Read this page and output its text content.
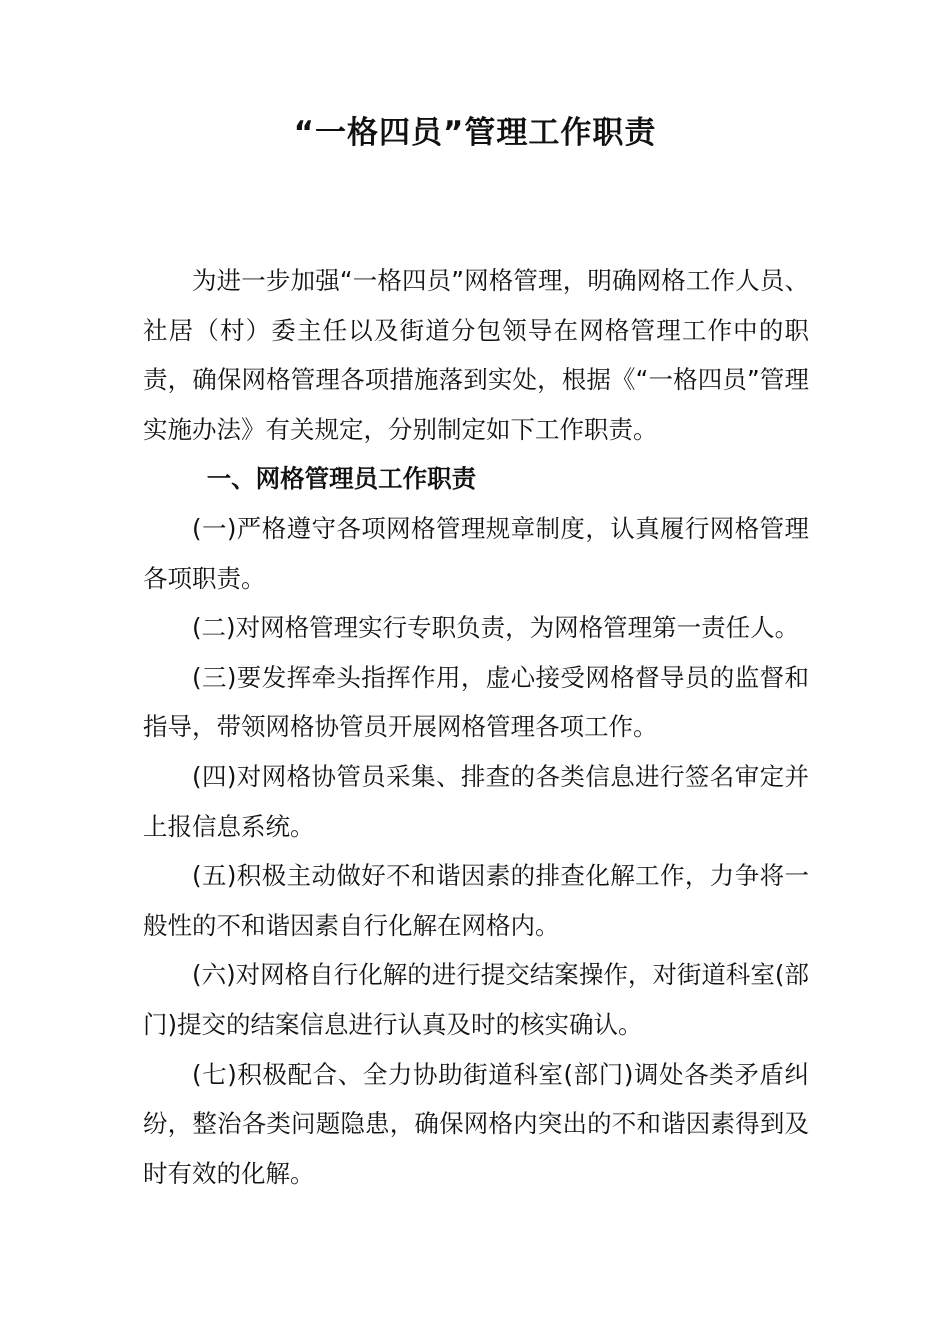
“一格四员”管理工作职责

为进一步加强“一格四员”网格管理，明确网格工作人员、社居（村）委主任以及街道分包领导在网格管理工作中的职责，确保网格管理各项措施落到实处，根据《“一格四员”管理实施办法》有关规定，分别制定如下工作职责。

一、网格管理员工作职责

(一)严格遵守各项网格管理规章制度，认真履行网格管理各项职责。

(二)对网格管理实行专职负责，为网格管理第一责任人。

(三)要发挥牵头指挥作用，虚心接受网格督导员的监督和指导，带领网格协管员开展网格管理各项工作。

(四)对网格协管员采集、排查的各类信息进行签名审定并上报信息系统。

(五)积极主动做好不和谐因素的排查化解工作，力争将一般性的不和谐因素自行化解在网格内。

(六)对网格自行化解的进行提交结案操作，对街道科室(部门)提交的结案信息进行认真及时的核实确认。

(七)积极配合、全力协助街道科室(部门)调处各类矛盾纠纷，整治各类问题隐患，确保网格内突出的不和谐因素得到及时有效的化解。
